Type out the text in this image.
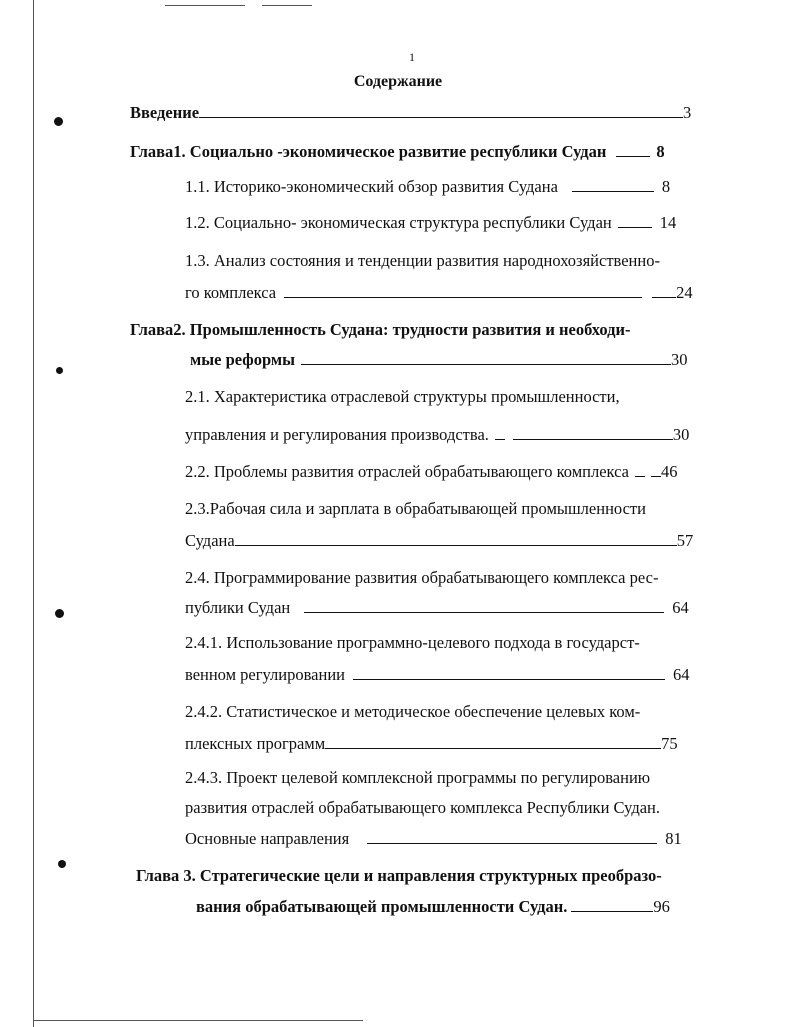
1
Содержание
Введение	3
Глава1. Социально -экономическое развитие республики Судан	8
1.1. Историко-экономический обзор развития Судана	8
1.2. Социально- экономическая структура республики Судан	14
1.3. Анализ состояния и тенденции развития народнохозяйственно-
го комплекса	24
Глава2. Промышленность Судана: трудности развития и необходи-
мые реформы	30
2.1. Характеристика отраслевой структуры промышленности,
управления и регулирования производства.	30
2.2. Проблемы развития отраслей обрабатывающего комплекса 46
2.3.Рабочая сила и зарплата в обрабатывающей промышленности
Судана	57
2.4. Программирование развития обрабатывающего комплекса рес-
публики Судан	64
2.4.1. Использование программно-целевого подхода в государст-
венном регулировании	64
2.4.2. Статистическое и методическое обеспечение целевых ком-
плексных программ	75
2.4.3. Проект целевой комплексной программы по регулированию
развития отраслей обрабатывающего комплекса Республики Судан.
Основные направления	81
Глава 3. Стратегические цели и направления структурных преобразо-
вания обрабатывающей промышленности Судан.	96
